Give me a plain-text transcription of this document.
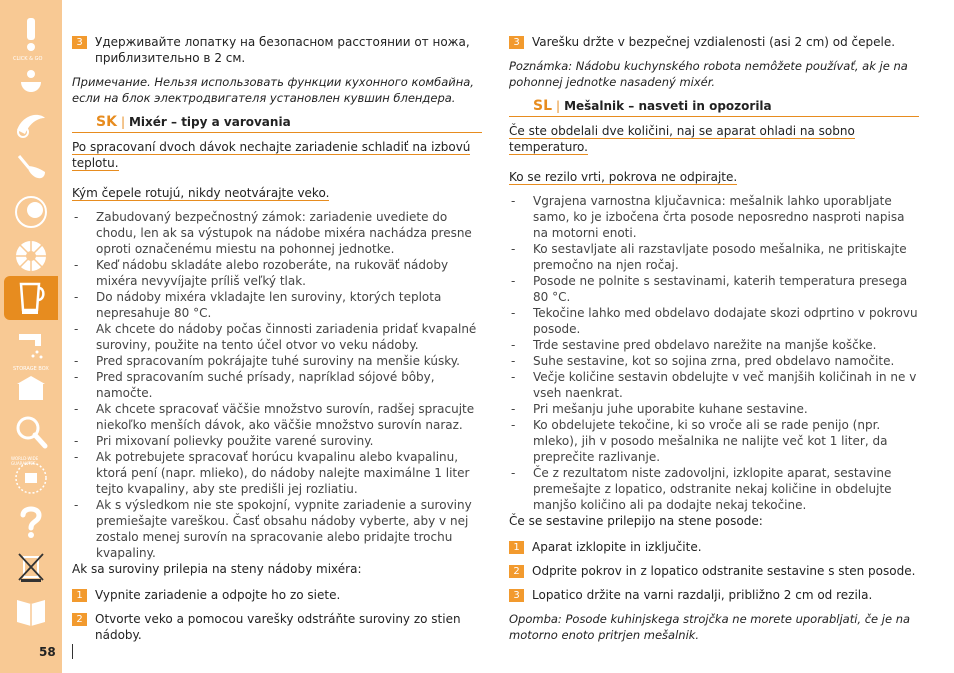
CLICK & GO
STORAGE BOX
WORLD-WIDE GUARANTEE
58
3	Удерживайте лопатку на безопасном расстоянии от ножа, приблизительно в 2 см.
Примечание. Нельзя использовать функции кухонного комбайна, если на блок электродвигателя установлен кувшин блендера.
SK | Mixér – tipy a varovania
Po spracovaní dvoch dávok nechajte zariadenie schladiť na izbovú teplotu.
Kým čepele rotujú, nikdy neotvárajte veko.
- Zabudovaný bezpečnostný zámok: zariadenie uvediete do chodu, len ak sa výstupok na nádobe mixéra nachádza presne oproti označenému miestu na pohonnej jednotke.
- Keď nádobu skladáte alebo rozoberáte, na rukoväť nádoby mixéra nevyvíjajte príliš veľký tlak.
- Do nádoby mixéra vkladajte len suroviny, ktorých teplota nepresahuje 80 °C.
- Ak chcete do nádoby počas činnosti zariadenia pridať kvapalné suroviny, použite na tento účel otvor vo veku nádoby.
- Pred spracovaním pokrájajte tuhé suroviny na menšie kúsky.
- Pred spracovaním suché prísady, napríklad sójové bôby, namočte.
- Ak chcete spracovať väčšie množstvo surovín, radšej spracujte niekoľko menších dávok, ako väčšie množstvo surovín naraz.
- Pri mixovaní polievky použite varené suroviny.
- Ak potrebujete spracovať horúcu kvapalinu alebo kvapalinu, ktorá pení (napr. mlieko), do nádoby nalejte maximálne 1 liter tejto kvapaliny, aby ste predišli jej rozliatiu.
- Ak s výsledkom nie ste spokojní, vypnite zariadenie a suroviny premiešajte vareškou. Časť obsahu nádoby vyberte, aby v nej zostalo menej surovín na spracovanie alebo pridajte trochu kvapaliny.

Ak sa suroviny prilepia na steny nádoby mixéra:

1	Vypnite zariadenie a odpojte ho zo siete.
2	Otvorte veko a pomocou varešky odstráňte suroviny zo stien nádoby.
3	Varešku držte v bezpečnej vzdialenosti (asi 2 cm) od čepele.
Poznámka: Nádobu kuchynského robota nemôžete používať, ak je na pohonnej jednotke nasadený mixér.
SL | Mešalnik – nasveti in opozorila
Če ste obdelali dve količini, naj se aparat ohladi na sobno temperaturo.
Ko se rezilo vrti, pokrova ne odpirajte.
- Vgrajena varnostna ključavnica: mešalnik lahko uporabljate samo, ko je izbočena črta posode neposredno nasproti napisa na motorni enoti.
- Ko sestavljate ali razstavljate posodo mešalnika, ne pritiskajte premočno na njen ročaj.
- Posode ne polnite s sestavinami, katerih temperatura presega 80 °C.
- Tekočine lahko med obdelavo dodajate skozi odprtino v pokrovu posode.
- Trde sestavine pred obdelavo narežite na manjše koščke.
- Suhe sestavine, kot so sojina zrna, pred obdelavo namočite.
- Večje količine sestavin obdelujte v več manjših količinah in ne v vseh naenkrat.
- Pri mešanju juhe uporabite kuhane sestavine.
- Ko obdelujete tekočine, ki so vroče ali se rade penijo (npr. mleko), jih v posodo mešalnika ne nalijte več kot 1 liter, da preprečite razlivanje.
- Če z rezultatom niste zadovoljni, izklopite aparat, sestavine premešajte z lopatico, odstranite nekaj količine in obdelujte manjšo količino ali pa dodajte nekaj tekočine.

Če se sestavine prilepijo na stene posode:

1	Aparat izklopite in izključite.
2	Odprite pokrov in z lopatico odstranite sestavine s sten posode.
3	Lopatico držite na varni razdalji, približno 2 cm od rezila.
Opomba: Posode kuhinjskega strojčka ne morete uporabljati, če je na motorno enoto pritrjen mešalnik.
